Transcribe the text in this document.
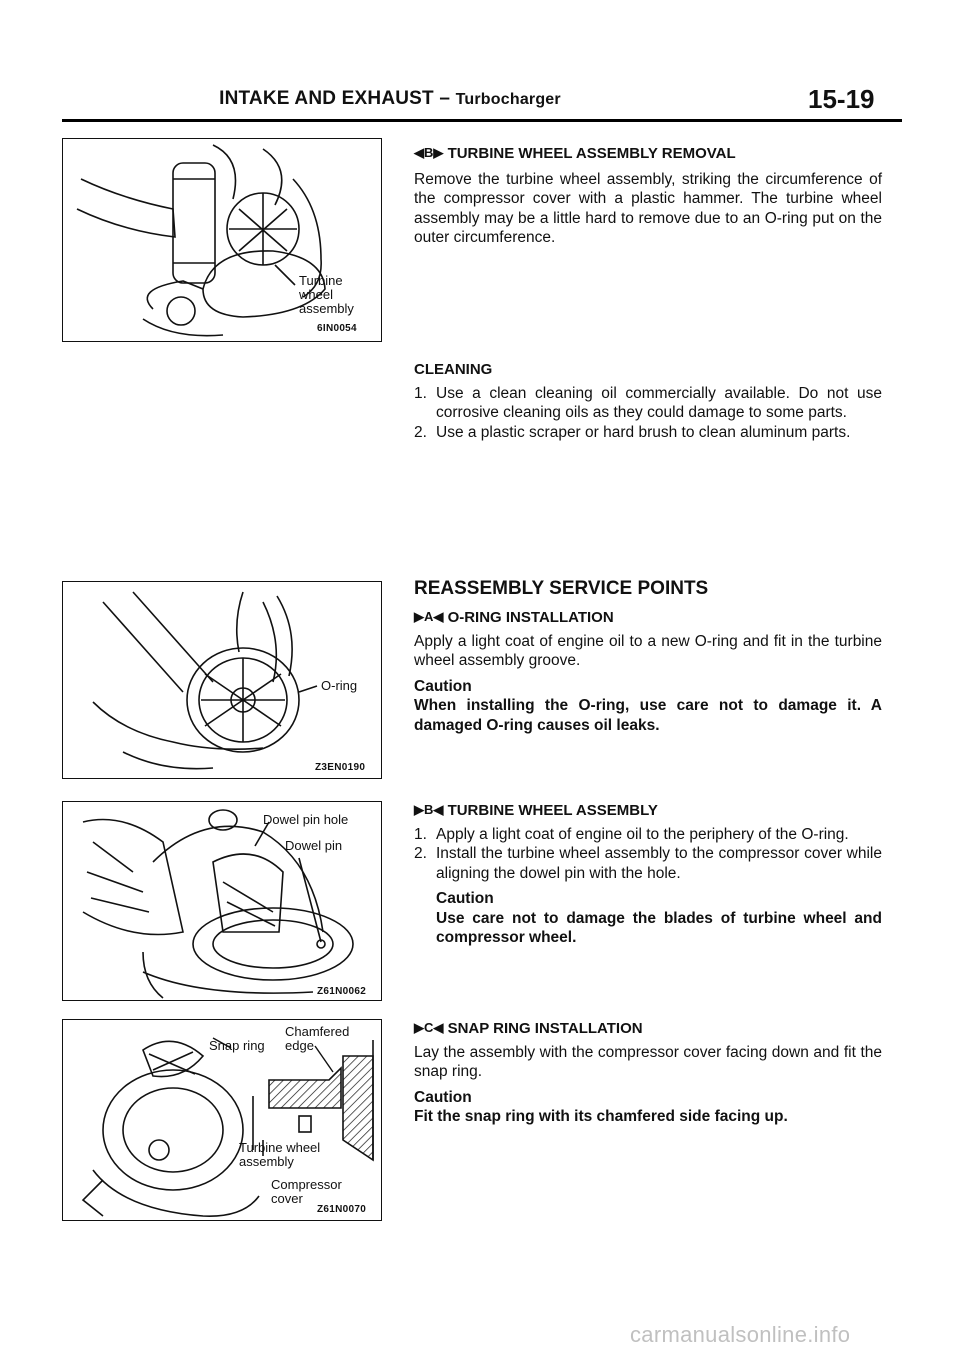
INTAKE AND EXHAUST – Turbocharger	15-19
Turbine
wheel
assembly
6IN0054
O-ring
Z3EN0190
Dowel pin hole
Dowel pin
Z61N0062
Chamfered
edge
Snap ring
Turbine wheel
assembly
Compressor
cover
Z61N0070
◀B▶ TURBINE WHEEL ASSEMBLY REMOVAL

Remove the turbine wheel assembly, striking the circumference of the compressor cover with a plastic hammer. The turbine wheel assembly may be a little hard to remove due to an O-ring put on the outer circumference.

CLEANING
1. Use a clean cleaning oil commercially available. Do not use corrosive cleaning oils as they could damage to some parts.

2. Use a plastic scraper or hard brush to clean aluminum parts.

REASSEMBLY SERVICE POINTS
▶A◀ O-RING INSTALLATION

Apply a light coat of engine oil to a new O-ring and fit in the turbine wheel assembly groove.

Caution

When installing the O-ring, use care not to damage it. A damaged O-ring causes oil leaks.

▶B◀ TURBINE WHEEL ASSEMBLY
1. Apply a light coat of engine oil to the periphery of the O-ring.

2. Install the turbine wheel assembly to the compressor cover while aligning the dowel pin with the hole.

Caution

Use care not to damage the blades of turbine wheel and compressor wheel.

▶C◀ SNAP RING INSTALLATION

Lay the assembly with the compressor cover facing down and fit the snap ring.

Caution

Fit the snap ring with its chamfered side facing up.

carmanualsonline.info
